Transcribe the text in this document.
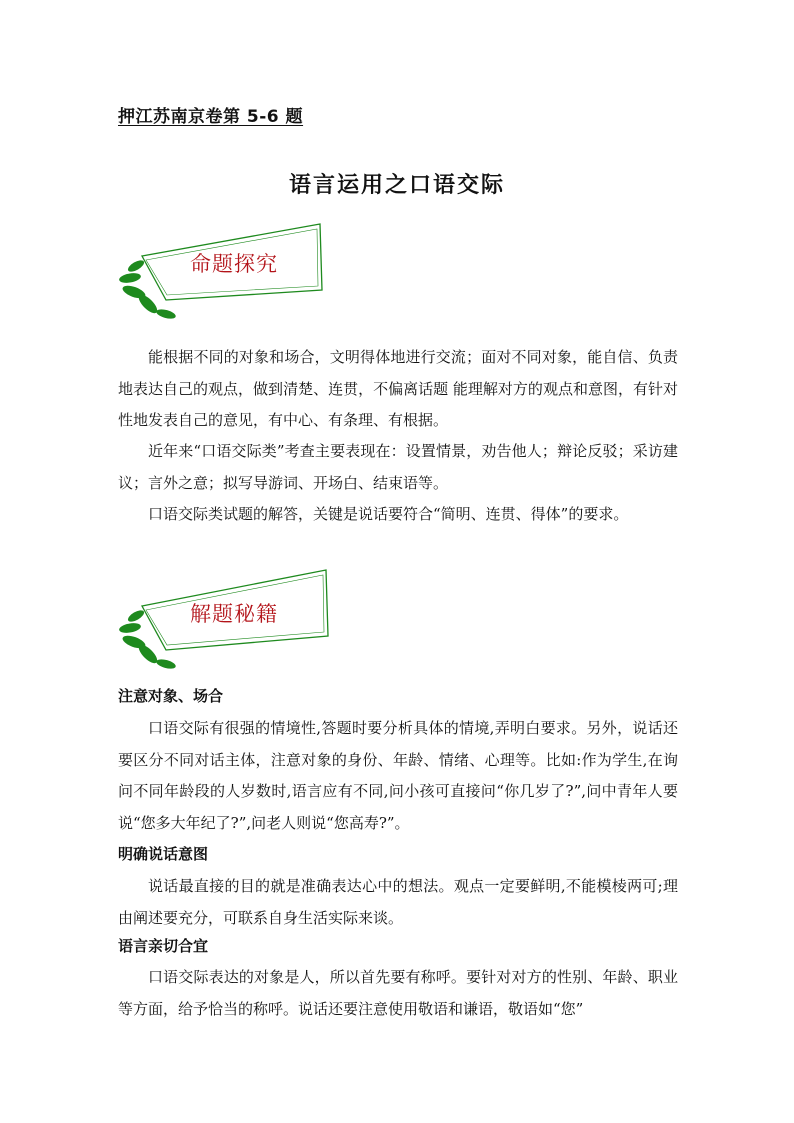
押江苏南京卷第 5-6 题
语言运用之口语交际
命题探究

能根据不同的对象和场合，文明得体地进行交流；面对不同对象，能自信、负责地表达自己的观点，做到清楚、连贯，不偏离话题 能理解对方的观点和意图，有针对性地发表自己的意见，有中心、有条理、有根据。

近年来“口语交际类”考查主要表现在：设置情景，劝告他人；辩论反驳；采访建议；言外之意；拟写导游词、开场白、结束语等。

口语交际类试题的解答，关键是说话要符合“简明、连贯、得体”的要求。

解题秘籍
注意对象、场合

口语交际有很强的情境性,答题时要分析具体的情境,弄明白要求。另外，说话还要区分不同对话主体，注意对象的身份、年龄、情绪、心理等。比如:作为学生,在询问不同年龄段的人岁数时,语言应有不同,问小孩可直接问“你几岁了?”,问中青年人要说“您多大年纪了?”,问老人则说“您高寿?”。

明确说话意图

说话最直接的目的就是准确表达心中的想法。观点一定要鲜明,不能模棱两可;理由阐述要充分，可联系自身生活实际来谈。

语言亲切合宜

口语交际表达的对象是人，所以首先要有称呼。要针对对方的性别、年龄、职业等方面，给予恰当的称呼。说话还要注意使用敬语和谦语，敬语如“您”
